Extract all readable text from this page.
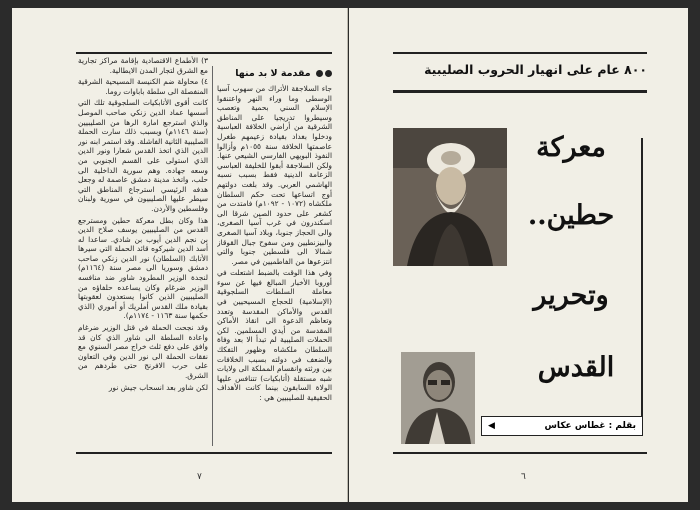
مقدمة لا بد منها

٣) الأطماع الاقتصادية بإقامة مراكز تجارية مع الشرق لتجار المدن الايطالية.

٤) محاولة ضم الكنيسة المسيحية الشرقية المنفصلة الى سلطة باباوات روما.

كانت أقوى الأتابكيات السلجوقية تلك التي أسسها عماد الدين زنكي صاحب الموصل والذي استرجع امارة الرها من الصليبيين (سنة ١١٤٦م) وبسبب ذلك سارت الحملة الصليبية الثانية الفاشلة. وقد استمر ابنه نور الدين الذي اتخذ القدس شعارا ونور الدين الذي استولى على القسم الجنوبي من وسعه جهاده. وهم سورية الداخلية الى حلب، واتخذ مدينة دمشق عاصمة له وجعل هدفه الرئيسي استرجاع المناطق التي سيطر عليها الصليبيون في سورية ولبنان وفلسطين والأردن.

هذا وكان بطل معركة حطين ومسترجع القدس من الصليبيين يوسف صلاح الدين بن نجم الدين أيوب بن شادي. ساعدا له أسد الدين شيركوه قائد الحملة التي سيرها الأتابك (السلطان) نور الدين زنكي صاحب دمشق وسوريا الى مصر سنة (١١٦٤م) لنجدة الوزير المطرود شاور ضد منافسه الوزير ضرغام وكان يساعده حلفاؤه من الصليبيين الذين كانوا يستعدون لعقوبتها بقيادة ملك القدس أملريك أو أموري (الذي حكمها سنة ١١٦٣ - ١١٧٤م).

وقد نجحت الحملة في قتل الوزير ضرغام واعادة السلطة الى شاور الذي كان قد وافق على دفع ثلث خراج مصر السنوي مع نفقات الحملة الى نور الدين وفي التعاون على حرب الافرنج حتى طردهم من الشرق.

لكن شاور بعد انسحاب جيش نور

جاء السلاجقة الأتراك من سهوب آسيا الوسطى وما وراء النهر واعتنقوا الإسلام السني بحمية وتعصب وسيطروا تدريجيا على المناطق الشرقية من أراضي الخلافة العباسية ودخلوا بغداد بقيادة زعيمهم طغرل عاصمتها الخلافة سنة ١٠٥٥م وأزالوا النفوذ البويهي الفارسي الشيعي عنها. ولكن السلاجقة أبقوا للخليفة العباسي الزعامة الدينية فقط بسبب نسبه الهاشمي العربي. وقد بلغت دولتهم أوج اتساعها تحت حكم السلطان ملكشاه (١٠٧٢ - ١٠٩٢م) فامتدت من كشغر على حدود الصين شرقا الى اسكندرون في غرب آسيا الصغرى، والى الحجاز جنوبا، وبلاد آسيا الصغرى والبيزنطيين ومن سفوح جبال القوقاز شمالا الى فلسطين جنوبا والتي انتزعوها من الفاطميين في مصر.

وفي هذا الوقت بالضبط اشتعلت في أوروبا الأخبار المبالغ فيها عن سوء معاملة السلطات السلجوقية (الإسلامية) للحجاج المسيحيين في القدس والأماكن المقدسة وتعدد وتعاظم الدعوة الى انقاذ الأماكن المقدسة من أيدي المسلمين. لكن الحملات الصليبية لم تبدأ الا بعد وفاة السلطان ملكشاه وظهور التفكك والضعف في دولته بسبب الخلافات بين ورثته وانقسام المملكة الى ولايات شبه مستقلة (أتابكيات) تتنافس عليها الولاة السابقون بينما كانت الأهداف الحقيقية للصليبيين هي :

٧
٨٠٠ عام على انهيار الحروب الصليبية
معركة
حطين..
وتحرير
القدس
بقلم : غطاس عكاس
◀
٦
